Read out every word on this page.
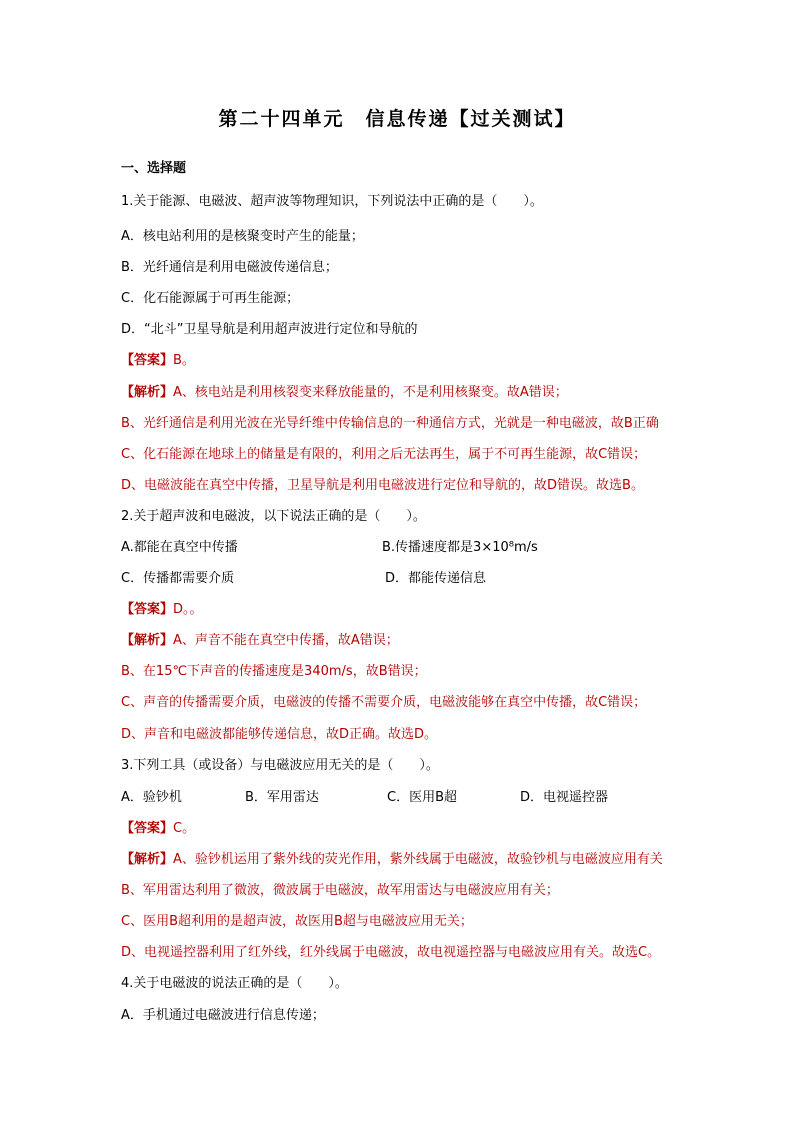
第二十四单元　信息传递【过关测试】
一、选择题
1.关于能源、电磁波、超声波等物理知识，下列说法中正确的是（　　）。
A．核电站利用的是核聚变时产生的能量；
B．光纤通信是利用电磁波传递信息；
C．化石能源属于可再生能源；
D．“北斗”卫星导航是利用超声波进行定位和导航的
【答案】B。
【解析】A、核电站是利用核裂变来释放能量的，不是利用核聚变。故A错误；
B、光纤通信是利用光波在光导纤维中传输信息的一种通信方式，光就是一种电磁波，故B正确
C、化石能源在地球上的储量是有限的，利用之后无法再生，属于不可再生能源，故C错误；
D、电磁波能在真空中传播，卫星导航是利用电磁波进行定位和导航的，故D错误。故选B。
2.关于超声波和电磁波，以下说法正确的是（　　）。
A.都能在真空中传播	B.传播速度都是3×10⁸m/s
C．传播都需要介质	D．都能传递信息
【答案】D。。
【解析】A、声音不能在真空中传播，故A错误；
B、在15℃下声音的传播速度是340m/s，故B错误；
C、声音的传播需要介质，电磁波的传播不需要介质，电磁波能够在真空中传播，故C错误；
D、声音和电磁波都能够传递信息，故D正确。故选D。
3.下列工具（或设备）与电磁波应用无关的是（　　）。
A．验钞机	B．军用雷达	C．医用B超	D．电视遥控器
【答案】C。
【解析】A、验钞机运用了紫外线的荧光作用，紫外线属于电磁波，故验钞机与电磁波应用有关
B、军用雷达利用了微波，微波属于电磁波，故军用雷达与电磁波应用有关；
C、医用B超利用的是超声波，故医用B超与电磁波应用无关；
D、电视遥控器利用了红外线，红外线属于电磁波，故电视遥控器与电磁波应用有关。故选C。
4.关于电磁波的说法正确的是（　　）。
A．手机通过电磁波进行信息传递；
